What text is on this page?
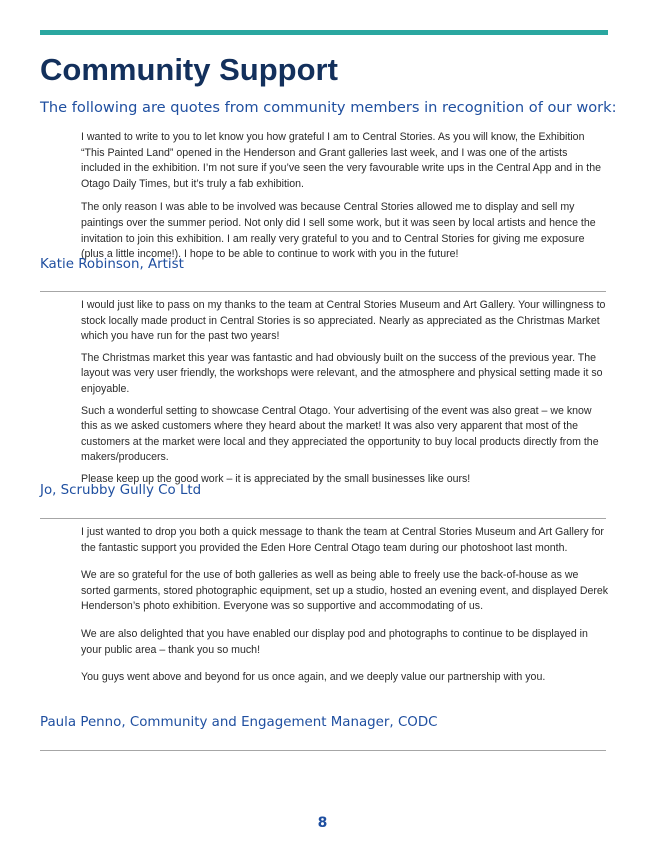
Community Support

The following are quotes from community members in recognition of our work:

I wanted to write to you to let know you how grateful I am to Central Stories. As you will know, the Exhibition “This Painted Land” opened in the Henderson and Grant galleries last week, and I was one of the artists included in the exhibition. I’m not sure if you’ve seen the very favourable write ups in the Central App and in the Otago Daily Times, but it’s truly a fab exhibition.

The only reason I was able to be involved was because Central Stories allowed me to display and sell my paintings over the summer period. Not only did I sell some work, but it was seen by local artists and hence the invitation to join this exhibition. I am really very grateful to you and to Central Stories for giving me exposure (plus a little income!). I hope to be able to continue to work with you in the future!

Katie Robinson, Artist

I would just like to pass on my thanks to the team at Central Stories Museum and Art Gallery. Your willingness to stock locally made product in Central Stories is so appreciated. Nearly as appreciated as the Christmas Market which you have run for the past two years!

The Christmas market this year was fantastic and had obviously built on the success of the previous year. The layout was very user friendly, the workshops were relevant, and the atmosphere and physical setting made it so enjoyable.

Such a wonderful setting to showcase Central Otago. Your advertising of the event was also great – we know this as we asked customers where they heard about the market! It was also very apparent that most of the customers at the market were local and they appreciated the opportunity to buy local products directly from the makers/producers.

Please keep up the good work – it is appreciated by the small businesses like ours!

Jo, Scrubby Gully Co Ltd

I just wanted to drop you both a quick message to thank the team at Central Stories Museum and Art Gallery for the fantastic support you provided the Eden Hore Central Otago team during our photoshoot last month.

We are so grateful for the use of both galleries as well as being able to freely use the back-of-house as we sorted garments, stored photographic equipment, set up a studio, hosted an evening event, and displayed Derek Henderson’s photo exhibition. Everyone was so supportive and accommodating of us.

We are also delighted that you have enabled our display pod and photographs to continue to be displayed in your public area – thank you so much!

You guys went above and beyond for us once again, and we deeply value our partnership with you.

Paula Penno, Community and Engagement Manager, CODC

8
